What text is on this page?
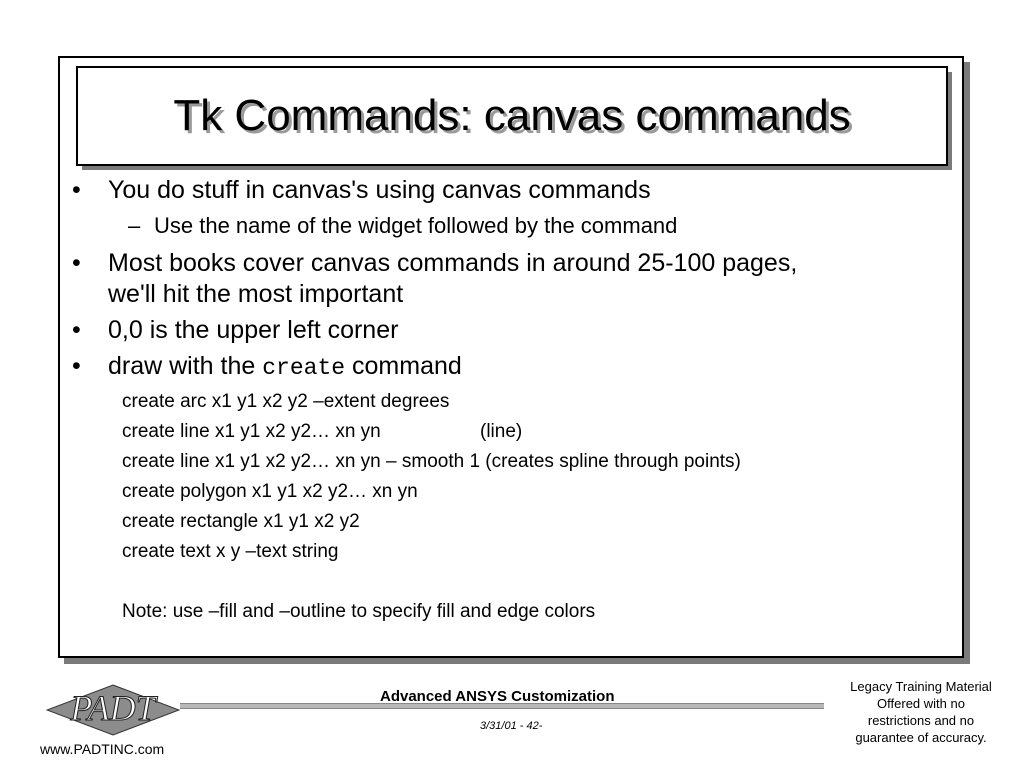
Tk Commands: canvas commands
• You do stuff in canvas's using canvas commands
– Use the name of the widget followed by the command
• Most books cover canvas commands in around 25-100 pages,
we'll hit the most important
• 0,0 is the upper left corner
• draw with the create command
create arc x1 y1 x2 y2 –extent degrees
create line x1 y1 x2 y2… xn yn	(line)
create line x1 y1 x2 y2… xn yn – smooth 1 (creates spline through points)
create polygon x1 y1 x2 y2… xn yn
create rectangle x1 y1 x2 y2
create text x y –text string
Note: use –fill and –outline to specify fill and edge colors
PADT	Advanced ANSYS Customization
3/31/01 - 42-
www.PADTINC.com
Legacy Training Material
Offered with no
restrictions and no
guarantee of accuracy.
